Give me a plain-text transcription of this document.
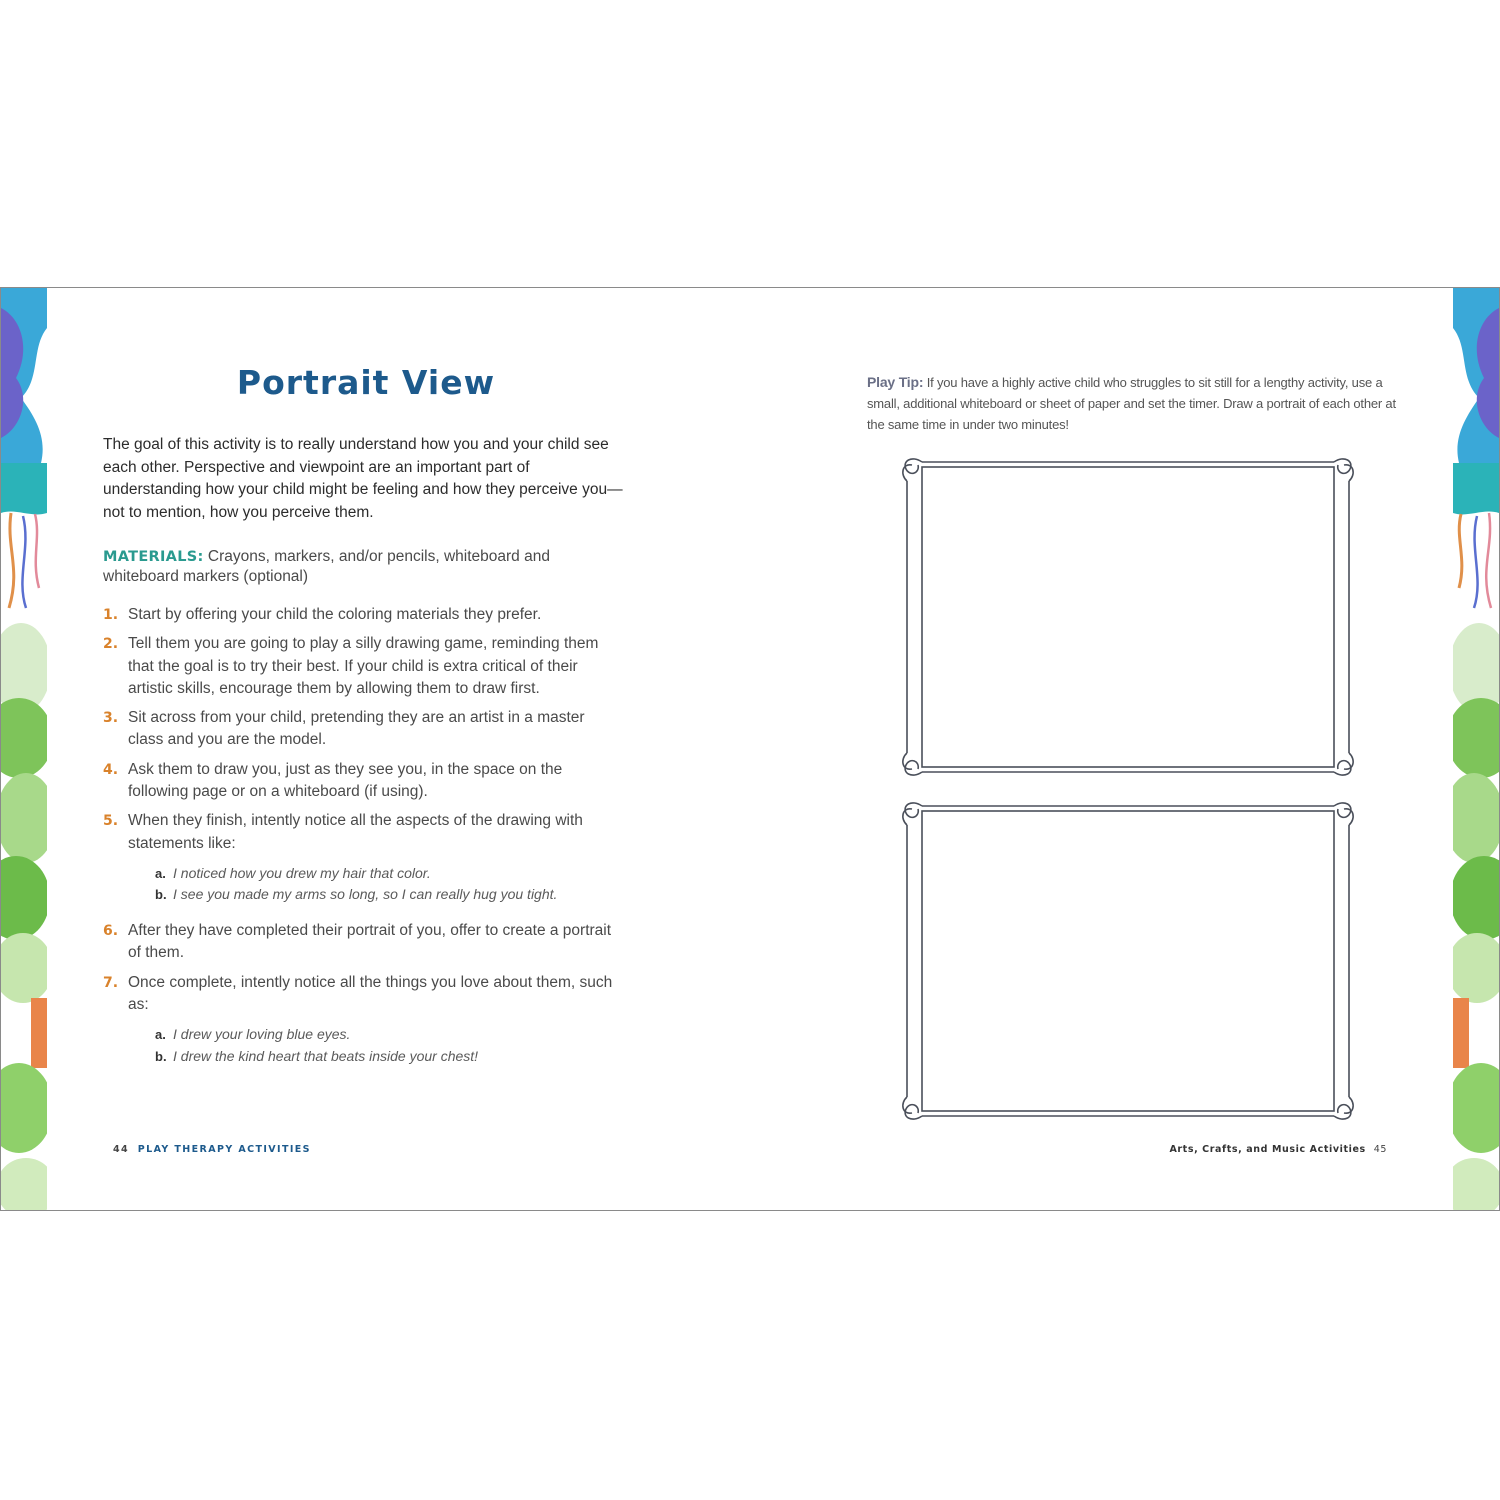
Portrait View
The goal of this activity is to really understand how you and your child see each other. Perspective and viewpoint are an important part of understanding how your child might be feeling and how they perceive you—not to mention, how you perceive them.
MATERIALS: Crayons, markers, and/or pencils, whiteboard and whiteboard markers (optional)
1. Start by offering your child the coloring materials they prefer.
2. Tell them you are going to play a silly drawing game, reminding them that the goal is to try their best. If your child is extra critical of their artistic skills, encourage them by allowing them to draw first.
3. Sit across from your child, pretending they are an artist in a master class and you are the model.
4. Ask them to draw you, just as they see you, in the space on the following page or on a whiteboard (if using).
5. When they finish, intently notice all the aspects of the drawing with statements like:
a. I noticed how you drew my hair that color.
b. I see you made my arms so long, so I can really hug you tight.
6. After they have completed their portrait of you, offer to create a portrait of them.
7. Once complete, intently notice all the things you love about them, such as:
a. I drew your loving blue eyes.
b. I drew the kind heart that beats inside your chest!
44 PLAY THERAPY ACTIVITIES
Play Tip: If you have a highly active child who struggles to sit still for a lengthy activity, use a small, additional whiteboard or sheet of paper and set the timer. Draw a portrait of each other at the same time in under two minutes!
Arts, Crafts, and Music Activities 45
